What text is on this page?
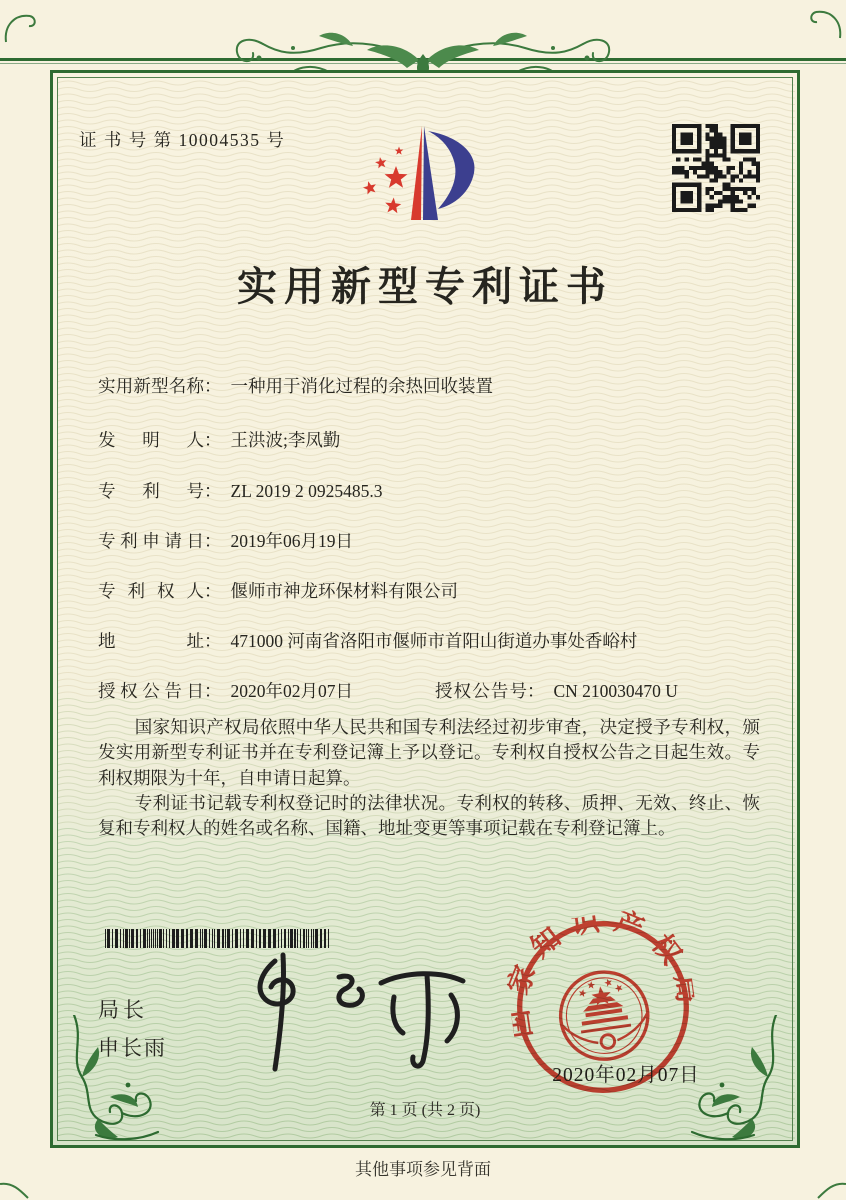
证 书 号 第 10004535 号
实用新型专利证书
实用新型名称 ： 一种用于消化过程的余热回收装置
发明人 ： 王洪波;李凤勤
专利号 ： ZL 2019 2 0925485.3
专利申请日 ： 2019年06月19日
专利权人 ： 偃师市神龙环保材料有限公司
地址 ： 471000 河南省洛阳市偃师市首阳山街道办事处香峪村
授权公告日 ： 2020年02月07日	授权公告号 ： CN 210030470 U

国家知识产权局依照中华人民共和国专利法经过初步审查，决定授予专利权，颁发实用新型专利证书并在专利登记簿上予以登记。专利权自授权公告之日起生效。专利权期限为十年，自申请日起算。

专利证书记载专利权登记时的法律状况。专利权的转移、质押、无效、终止、恢复和专利权人的姓名或名称、国籍、地址变更等事项记载在专利登记簿上。

局长
申长雨
国家知识产权局
2020年02月07日
第 1 页 (共 2 页)
其他事项参见背面
